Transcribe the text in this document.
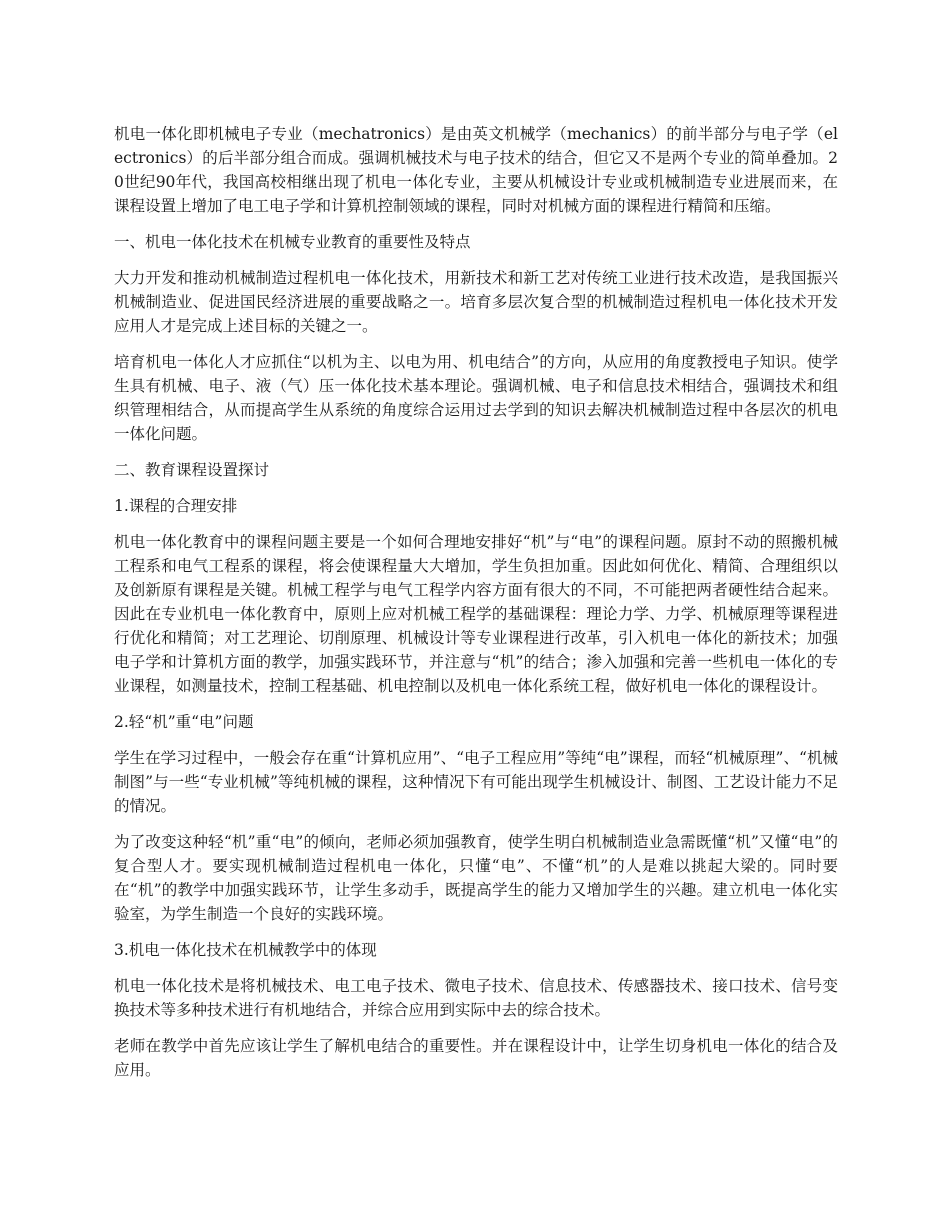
机电一体化即机械电子专业（mechatronics）是由英文机械学（mechanics）的前半部分与电子学（electronics）的后半部分组合而成。强调机械技术与电子技术的结合，但它又不是两个专业的简单叠加。20世纪90年代，我国高校相继出现了机电一体化专业，主要从机械设计专业或机械制造专业进展而来，在课程设置上增加了电工电子学和计算机控制领域的课程，同时对机械方面的课程进行精简和压缩。

一、机电一体化技术在机械专业教育的重要性及特点

大力开发和推动机械制造过程机电一体化技术，用新技术和新工艺对传统工业进行技术改造，是我国振兴机械制造业、促进国民经济进展的重要战略之一。培育多层次复合型的机械制造过程机电一体化技术开发应用人才是完成上述目标的关键之一。

培育机电一体化人才应抓住“以机为主、以电为用、机电结合”的方向，从应用的角度教授电子知识。使学生具有机械、电子、液（气）压一体化技术基本理论。强调机械、电子和信息技术相结合，强调技术和组织管理相结合，从而提高学生从系统的角度综合运用过去学到的知识去解决机械制造过程中各层次的机电一体化问题。

二、教育课程设置探讨

1.课程的合理安排

机电一体化教育中的课程问题主要是一个如何合理地安排好“机”与“电”的课程问题。原封不动的照搬机械工程系和电气工程系的课程，将会使课程量大大增加，学生负担加重。因此如何优化、精简、合理组织以及创新原有课程是关键。机械工程学与电气工程学内容方面有很大的不同，不可能把两者硬性结合起来。因此在专业机电一体化教育中，原则上应对机械工程学的基础课程：理论力学、力学、机械原理等课程进行优化和精简；对工艺理论、切削原理、机械设计等专业课程进行改革，引入机电一体化的新技术；加强电子学和计算机方面的教学，加强实践环节，并注意与“机”的结合；渗入加强和完善一些机电一体化的专业课程，如测量技术，控制工程基础、机电控制以及机电一体化系统工程，做好机电一体化的课程设计。

2.轻“机”重“电”问题

学生在学习过程中，一般会存在重“计算机应用”、“电子工程应用”等纯“电”课程，而轻“机械原理”、“机械制图”与一些“专业机械”等纯机械的课程，这种情况下有可能出现学生机械设计、制图、工艺设计能力不足的情况。

为了改变这种轻“机”重“电”的倾向，老师必须加强教育，使学生明白机械制造业急需既懂“机”又懂“电”的复合型人才。要实现机械制造过程机电一体化，只懂“电”、不懂“机”的人是难以挑起大梁的。同时要在“机”的教学中加强实践环节，让学生多动手，既提高学生的能力又增加学生的兴趣。建立机电一体化实验室，为学生制造一个良好的实践环境。

3.机电一体化技术在机械教学中的体现

机电一体化技术是将机械技术、电工电子技术、微电子技术、信息技术、传感器技术、接口技术、信号变换技术等多种技术进行有机地结合，并综合应用到实际中去的综合技术。

老师在教学中首先应该让学生了解机电结合的重要性。并在课程设计中，让学生切身机电一体化的结合及应用。
